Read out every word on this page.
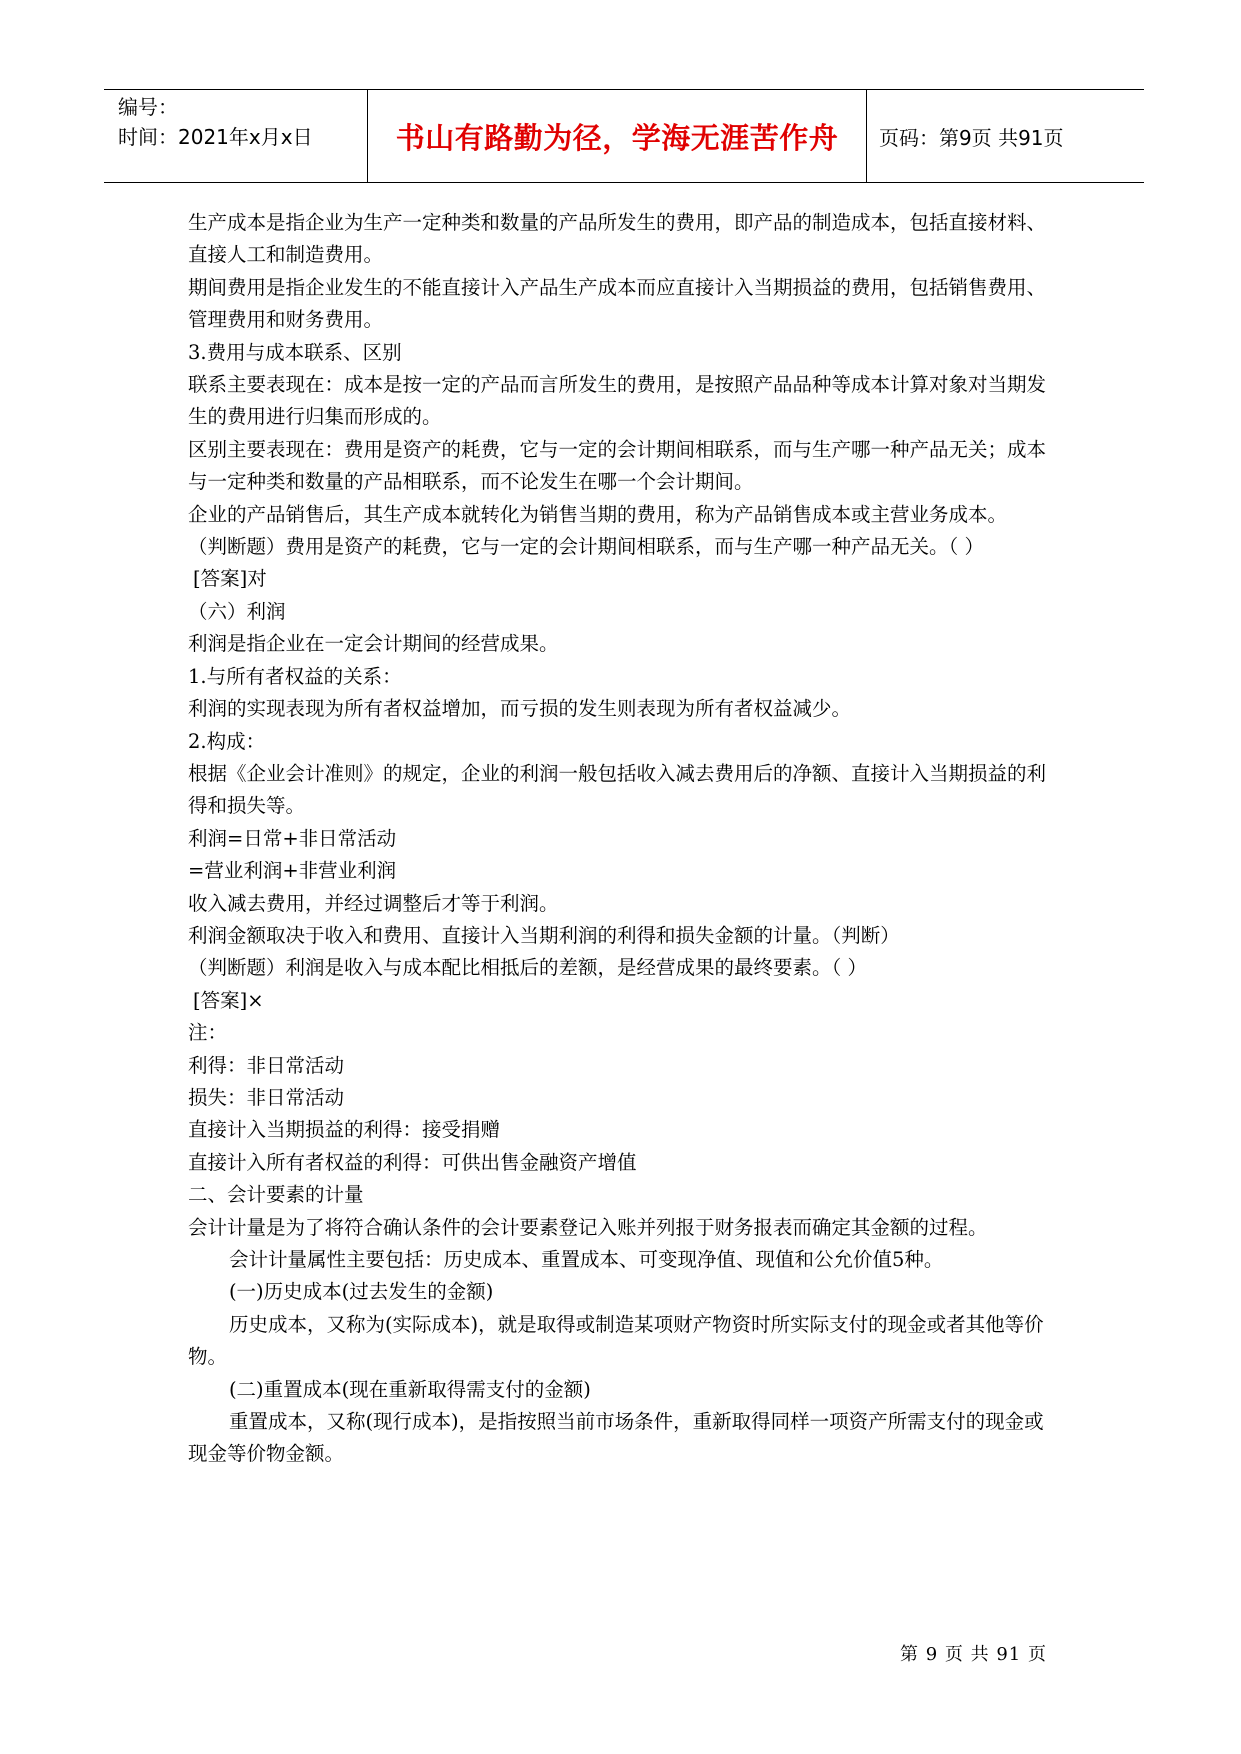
编号：
时间：2021年x月x日	书山有路勤为径，学海无涯苦作舟 页码：第9页 共91页

生产成本是指企业为生产一定种类和数量的产品所发生的费用，即产品的制造成本，包括直接材料、直接人工和制造费用。

期间费用是指企业发生的不能直接计入产品生产成本而应直接计入当期损益的费用，包括销售费用、管理费用和财务费用。

3.费用与成本联系、区别

联系主要表现在：成本是按一定的产品而言所发生的费用，是按照产品品种等成本计算对象对当期发生的费用进行归集而形成的。

区别主要表现在：费用是资产的耗费，它与一定的会计期间相联系，而与生产哪一种产品无关；成本与一定种类和数量的产品相联系，而不论发生在哪一个会计期间。

企业的产品销售后，其生产成本就转化为销售当期的费用，称为产品销售成本或主营业务成本。

（判断题）费用是资产的耗费，它与一定的会计期间相联系，而与生产哪一种产品无关。（ ）

[答案]对

（六）利润

利润是指企业在一定会计期间的经营成果。

1.与所有者权益的关系：

利润的实现表现为所有者权益增加，而亏损的发生则表现为所有者权益减少。

2.构成：

根据《企业会计准则》的规定，企业的利润一般包括收入减去费用后的净额、直接计入当期损益的利得和损失等。

利润=日常+非日常活动

=营业利润+非营业利润

收入减去费用，并经过调整后才等于利润。

利润金额取决于收入和费用、直接计入当期利润的利得和损失金额的计量。（判断）

（判断题）利润是收入与成本配比相抵后的差额，是经营成果的最终要素。（ ）

[答案]×

注：

利得：非日常活动

损失：非日常活动

直接计入当期损益的利得：接受捐赠

直接计入所有者权益的利得：可供出售金融资产增值

二、会计要素的计量

会计计量是为了将符合确认条件的会计要素登记入账并列报于财务报表而确定其金额的过程。

会计计量属性主要包括：历史成本、重置成本、可变现净值、现值和公允价值5种。

(一)历史成本(过去发生的金额)

历史成本，又称为(实际成本)，就是取得或制造某项财产物资时所实际支付的现金或者其他等价物。

(二)重置成本(现在重新取得需支付的金额)

重置成本，又称(现行成本)，是指按照当前市场条件，重新取得同样一项资产所需支付的现金或现金等价物金额。

第 9 页 共 91 页
